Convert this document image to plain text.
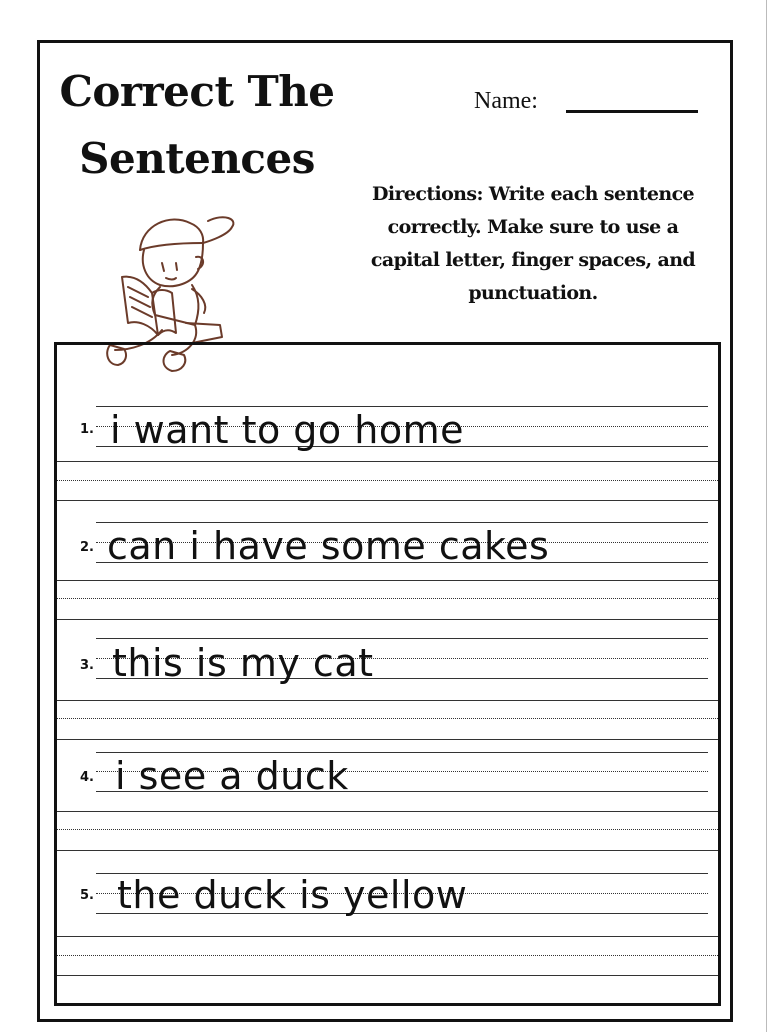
Correct The
Sentences
Name:
Directions: Write each sentence correctly. Make sure to use a capital letter, finger spaces, and punctuation.
1. i want to go home
2. can i have some cakes
3. this is my cat
4. i see a duck
5. the duck is yellow
